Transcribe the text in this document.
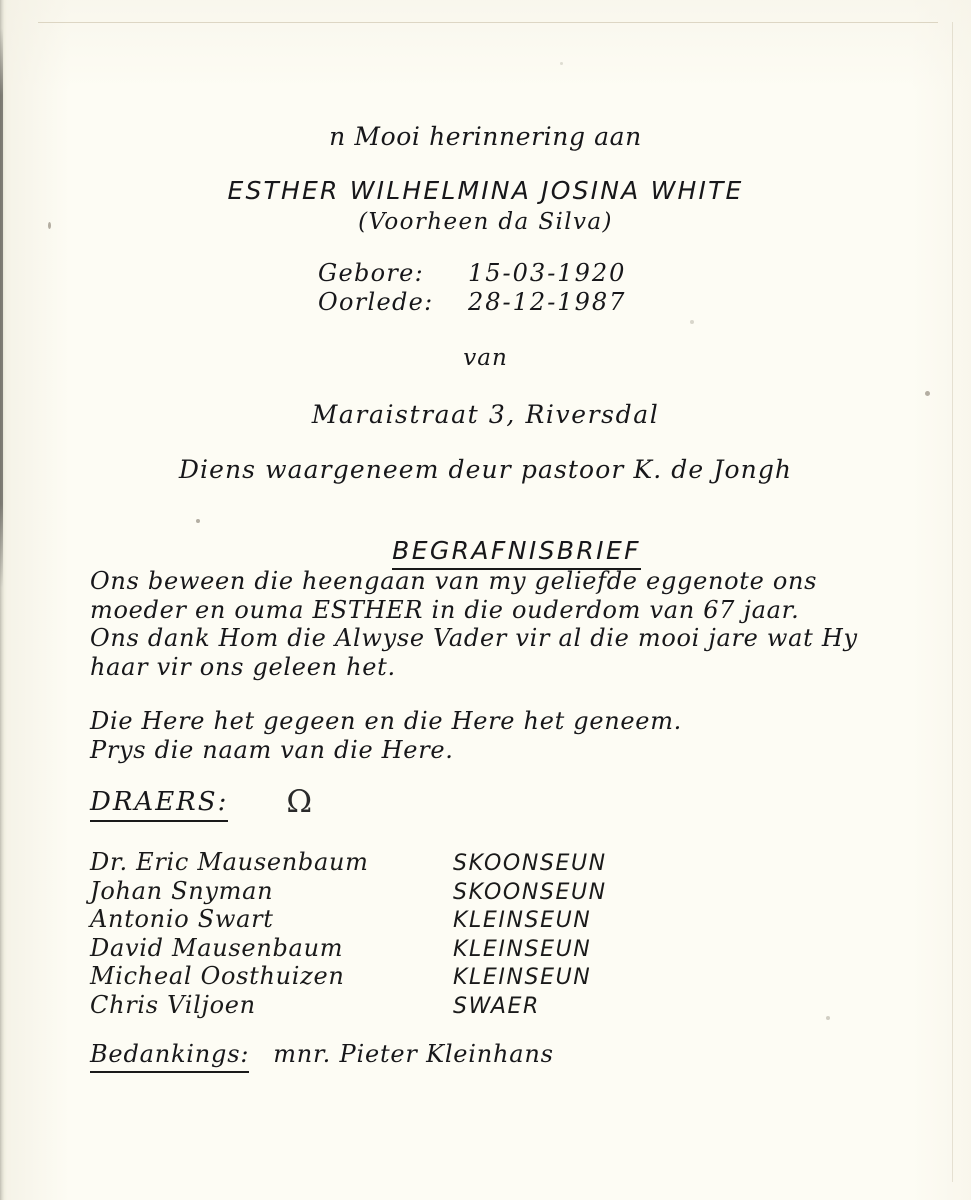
n Mooi herinnering aan
ESTHER WILHELMINA JOSINA WHITE
(Voorheen da Silva)
Gebore:	15-03-1920
Oorlede:	28-12-1987
van
Maraistraat 3, Riversdal
Diens waargeneem deur pastoor K. de Jongh

BEGRAFNISBRIEF

Ons beween die heengaan van my geliefde eggenote ons
moeder en ouma ESTHER in die ouderdom van 67 jaar.
Ons dank Hom die Alwyse Vader vir al die mooi jare wat Hy
haar vir ons geleen het.
Die Here het gegeen en die Here het geneem.
Prys die naam van die Here.
DRAERS: Ω
Dr. Eric Mausenbaum	SKOONSEUN
Johan Snyman	SKOONSEUN
Antonio Swart	KLEINSEUN
David Mausenbaum	KLEINSEUN
Micheal Oosthuizen	KLEINSEUN
Chris Viljoen	SWAER
Bedankings: mnr. Pieter Kleinhans
